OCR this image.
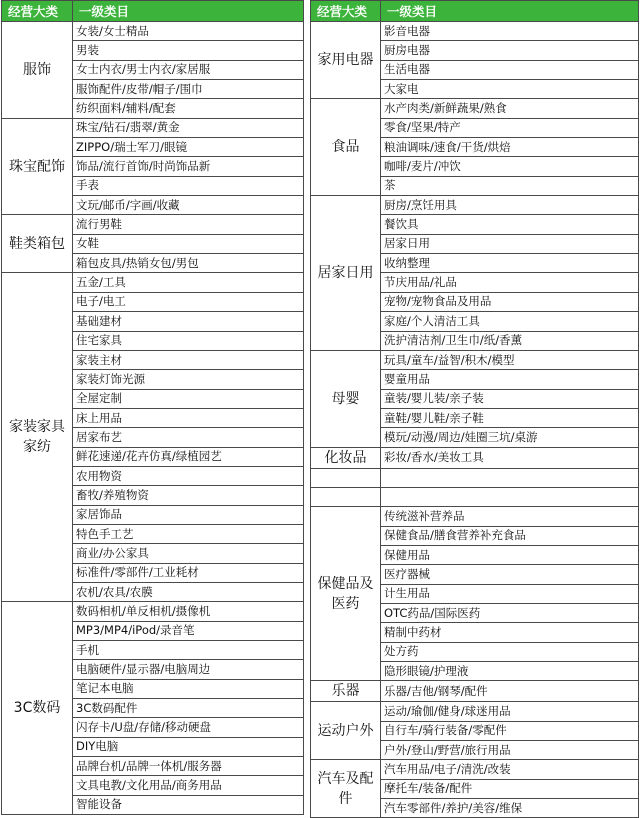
经营大类	一级类目
服饰	女装/女士精品
	男装
	女士内衣/男士内衣/家居服
	服饰配件/皮带/帽子/围巾
	纺织面料/辅料/配套
珠宝配饰	珠宝/钻石/翡翠/黄金
	ZIPPO/瑞士军刀/眼镜
	饰品/流行首饰/时尚饰品新
	手表
	文玩/邮币/字画/收藏
鞋类箱包	流行男鞋
	女鞋
	箱包皮具/热销女包/男包
家装家具家纺	五金/工具
	电子/电工
	基础建材
	住宅家具
	家装主材
	家装灯饰光源
	全屋定制
	床上用品
	居家布艺
	鲜花速递/花卉仿真/绿植园艺
	农用物资
	畜牧/养殖物资
	家居饰品
	特色手工艺
	商业/办公家具
	标准件/零部件/工业耗材
	农机/农具/农膜
3C数码	数码相机/单反相机/摄像机
	MP3/MP4/iPod/录音笔
	手机
	电脑硬件/显示器/电脑周边
	笔记本电脑
	3C数码配件
	闪存卡/U盘/存储/移动硬盘
	DIY电脑
	品牌台机/品牌一体机/服务器
	文具电教/文化用品/商务用品
	智能设备
经营大类	一级类目
家用电器	影音电器
	厨房电器
	生活电器
	大家电
食品	水产肉类/新鲜蔬果/熟食
	零食/坚果/特产
	粮油调味/速食/干货/烘焙
	咖啡/麦片/冲饮
	茶
居家日用	厨房/烹饪用具
	餐饮具
	居家日用
	收纳整理
	节庆用品/礼品
	宠物/宠物食品及用品
	家庭/个人清洁工具
	洗护清洁剂/卫生巾/纸/香薰
母婴	玩具/童车/益智/积木/模型
	婴童用品
	童装/婴儿装/亲子装
	童鞋/婴儿鞋/亲子鞋
	模玩/动漫/周边/娃圈三坑/桌游
化妆品	彩妆/香水/美妆工具

保健品及医药	传统滋补营养品
	保健食品/膳食营养补充食品
	保健用品
	医疗器械
	计生用品
	OTC药品/国际医药
	精制中药材
	处方药
	隐形眼镜/护理液
乐器	乐器/吉他/钢琴/配件
运动户外	运动/瑜伽/健身/球迷用品
	自行车/骑行装备/零配件
	户外/登山/野营/旅行用品
汽车及配件	汽车用品/电子/清洗/改装
	摩托车/装备/配件
	汽车零部件/养护/美容/维保
